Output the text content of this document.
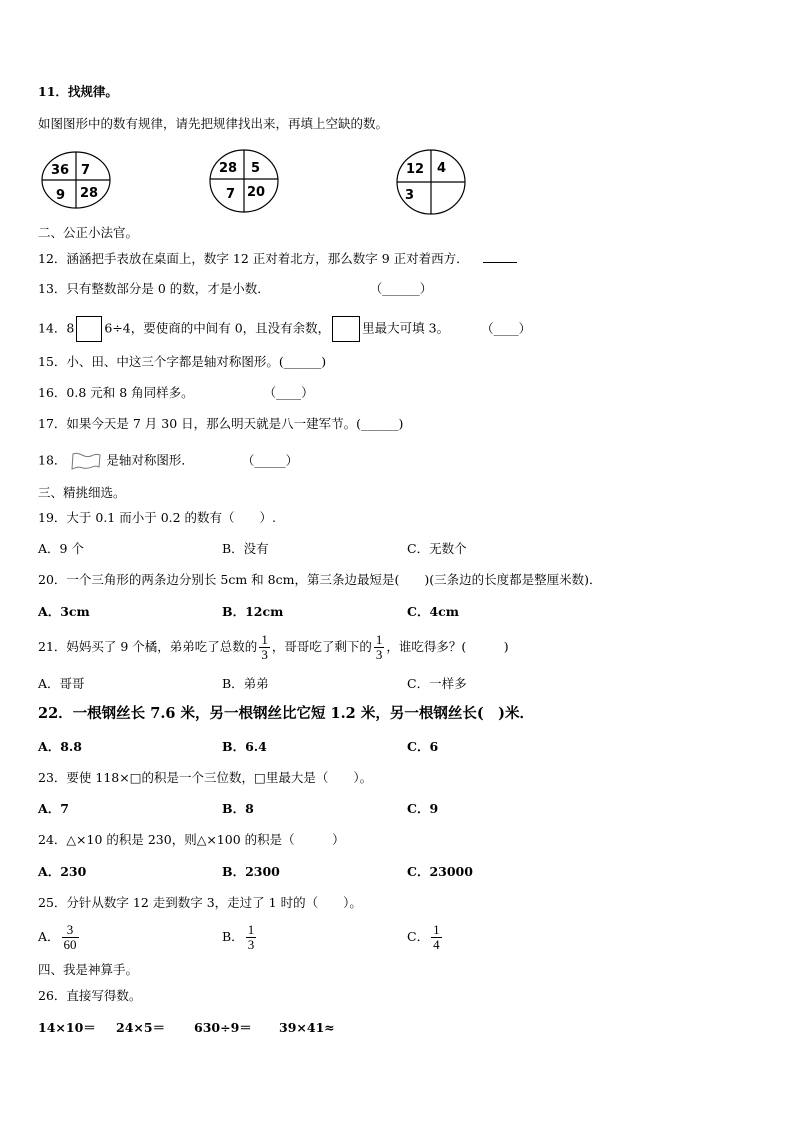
11．找规律。
如图图形中的数有规律，请先把规律找出来，再填上空缺的数。
36 7
9 28
28 5
7 20
12 4
3
二、公正小法官。
12．涵涵把手表放在桌面上，数字 12 正对着北方，那么数字 9 正对着西方．
13．只有整数部分是 0 的数，才是小数．	（______）
14．8 6÷4，要使商的中间有 0，且没有余数，	里最大可填 3。	（____）
15．小、田、中这三个字都是轴对称图形。(______)
16．0.8 元和 8 角同样多。	（____）
17．如果今天是 7 月 30 日，那么明天就是八一建军节。(______)
18．	是轴对称图形．	（_____）
三、精挑细选。
19．大于 0.1 而小于 0.2 的数有（　　）.
A．9 个	B．没有	C．无数个
20．一个三角形的两条边分别长 5cm 和 8cm，第三条边最短是(　　)(三条边的长度都是整厘米数)．
A．3cm	B．12cm	C．4cm
21．妈妈买了 9 个橘，弟弟吃了总数的 $\frac{1}{3}$ ，哥哥吃了剩下的 $\frac{1}{3}$ ，谁吃得多？(　　　)
A．哥哥	B．弟弟	C．一样多
22．一根钢丝长 7.6 米，另一根钢丝比它短 1.2 米，另一根钢丝长(　)米．
A．8.8	B．6.4	C．6
23．要使 118×□的积是一个三位数，□里最大是（　　）。
A．7	B．8	C．9
24．△×10 的积是 230，则△×100 的积是（　　　）
A．230	B．2300	C．23000
25．分针从数字 12 走到数字 3，走过了 1 时的（　　）。
A． $\frac{3}{60}$	B． $\frac{1}{3}$	C． $\frac{1}{4}$
四、我是神算手。
26．直接写得数。
14×10＝ 24×5＝ 630÷9＝ 39×41≈
